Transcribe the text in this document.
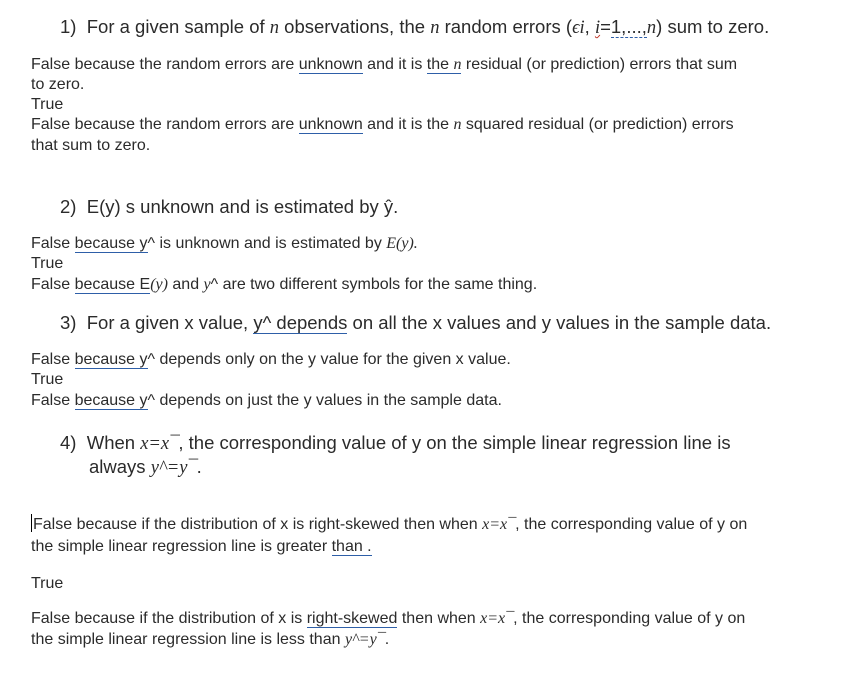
1) For a given sample of n observations, the n random errors (ϵi, i=1,...,n) sum to zero.
False because the random errors are unknown and it is the n residual (or prediction) errors that sum
to zero.
True
False because the random errors are unknown and it is the n squared residual (or prediction) errors
that sum to zero.
2) E(y) s unknown and is estimated by ŷ.
False because y^ is unknown and is estimated by E(y).
True
False because E(y) and y^ are two different symbols for the same thing.
3) For a given x value, y^ depends on all the x values and y values in the sample data.
False because y^ depends only on the y value for the given x value.
True
False because y^ depends on just the y values in the sample data.
4) When x=x¯, the corresponding value of y on the simple linear regression line is
always y^=y¯.
False because if the distribution of x is right-skewed then when x=x¯, the corresponding value of y on
the simple linear regression line is greater than .
True
False because if the distribution of x is right-skewed then when x=x¯, the corresponding value of y on
the simple linear regression line is less than y^=y¯.
